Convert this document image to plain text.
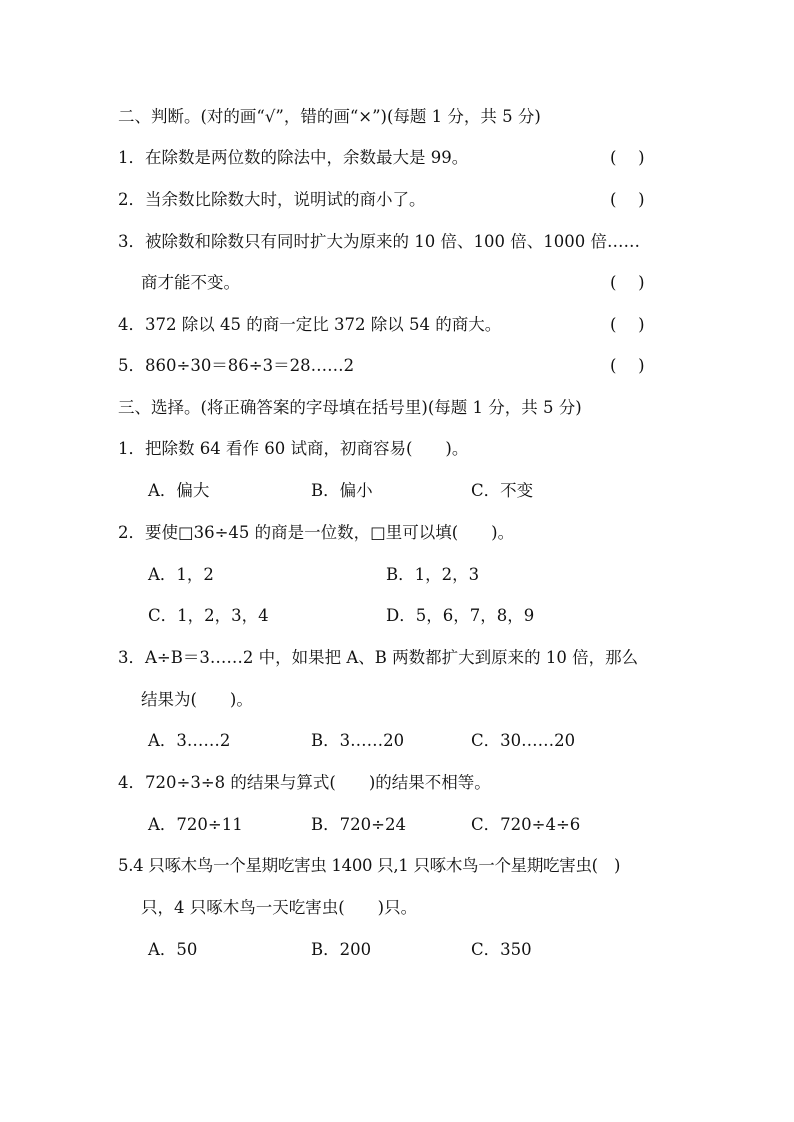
二、判断。(对的画“√”，错的画“×”)(每题 1 分，共 5 分)
1．在除数是两位数的除法中，余数最大是 99。	(　 )
2．当余数比除数大时，说明试的商小了。	(　 )
3．被除数和除数只有同时扩大为原来的 10 倍、100 倍、1000 倍……
商才能不变。	(　 )
4．372 除以 45 的商一定比 372 除以 54 的商大。	(　 )
5．860÷30＝86÷3＝28……2	(　 )
三、选择。(将正确答案的字母填在括号里)(每题 1 分，共 5 分)
1．把除数 64 看作 60 试商，初商容易(　　)。
A．偏大	B．偏小	C．不变
2．要使□36÷45 的商是一位数，□里可以填(　　)。
A．1，2	B．1，2，3
C．1，2，3，4	D．5，6，7，8，9
3．A÷B＝3……2 中，如果把 A、B 两数都扩大到原来的 10 倍，那么
结果为(　　)。
A．3……2	B．3……20	C．30……20
4．720÷3÷8 的结果与算式(　　)的结果不相等。
A．720÷11	B．720÷24	C．720÷4÷6
5.4 只啄木鸟一个星期吃害虫 1400 只,1 只啄木鸟一个星期吃害虫(　)
只，4 只啄木鸟一天吃害虫(　　)只。
A．50	B．200	C．350
